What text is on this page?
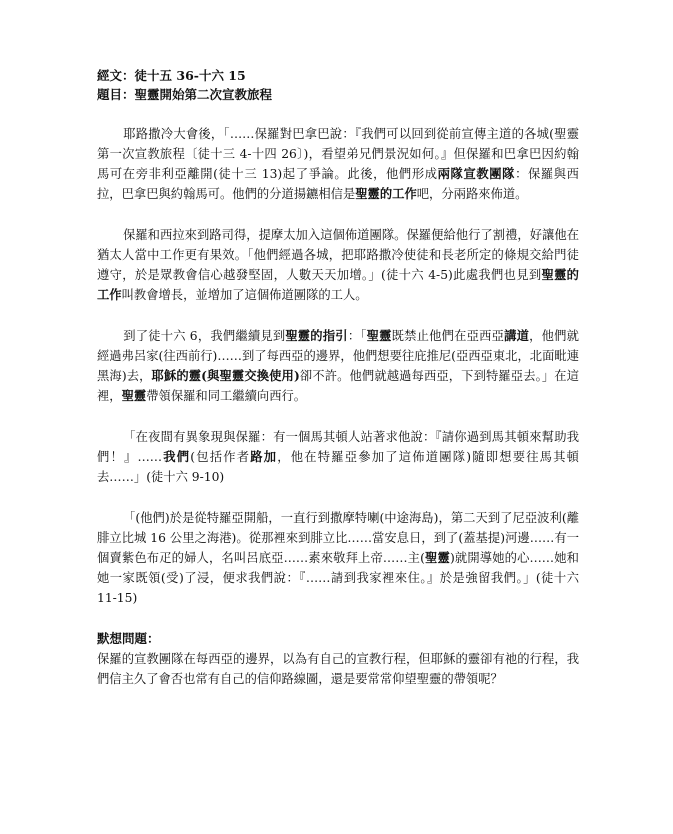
經文：徒十五 36-十六 15
題目：聖靈開始第二次宣教旅程

耶路撒冷大會後，「……保羅對巴拿巴說：『我們可以回到從前宣傳主道的各城(聖靈第一次宣教旅程〔徒十三 4-十四 26〕)，看望弟兄們景況如何。』但保羅和巴拿巴因約翰馬可在旁非利亞離開(徒十三 13)起了爭論。此後，他們形成兩隊宣教團隊：保羅與西拉，巴拿巴與約翰馬可。他們的分道揚鑣相信是聖靈的工作吧，分兩路來佈道。

保羅和西拉來到路司得，提摩太加入這個佈道團隊。保羅便給他行了割禮，好讓他在猶太人當中工作更有果效。「他們經過各城，把耶路撒冷使徒和長老所定的條規交給門徒遵守，於是眾教會信心越發堅固，人數天天加增。」(徒十六 4-5)此處我們也見到聖靈的工作叫教會增長，並增加了這個佈道團隊的工人。

到了徒十六 6，我們繼續見到聖靈的指引：「聖靈既禁止他們在亞西亞講道，他們就經過弗呂家(往西前行)……到了每西亞的邊界，他們想要往庇推尼(亞西亞東北，北面毗連黑海)去，耶穌的靈(與聖靈交換使用)卻不許。他們就越過每西亞，下到特羅亞去。」在這裡，聖靈帶領保羅和同工繼續向西行。

「在夜間有異象現與保羅：有一個馬其頓人站著求他說：『請你過到馬其頓來幫助我們！』……我們(包括作者路加，他在特羅亞參加了這佈道團隊)隨即想要往馬其頓去……」(徒十六 9-10)

「(他們)於是從特羅亞開船，一直行到撒摩特喇(中途海島)，第二天到了尼亞波利(離腓立比城 16 公里之海港)。從那裡來到腓立比……當安息日，到了(蓋基提)河邊……有一個賣紫色布疋的婦人，名叫呂底亞……素來敬拜上帝……主(聖靈)就開導她的心……她和她一家既領(受)了浸，便求我們說：『……請到我家裡來住。』於是強留我們。」(徒十六 11-15)

默想問題：

保羅的宣教團隊在每西亞的邊界，以為有自己的宣教行程，但耶穌的靈卻有祂的行程，我們信主久了會否也常有自己的信仰路線圖，還是要常常仰望聖靈的帶領呢？
